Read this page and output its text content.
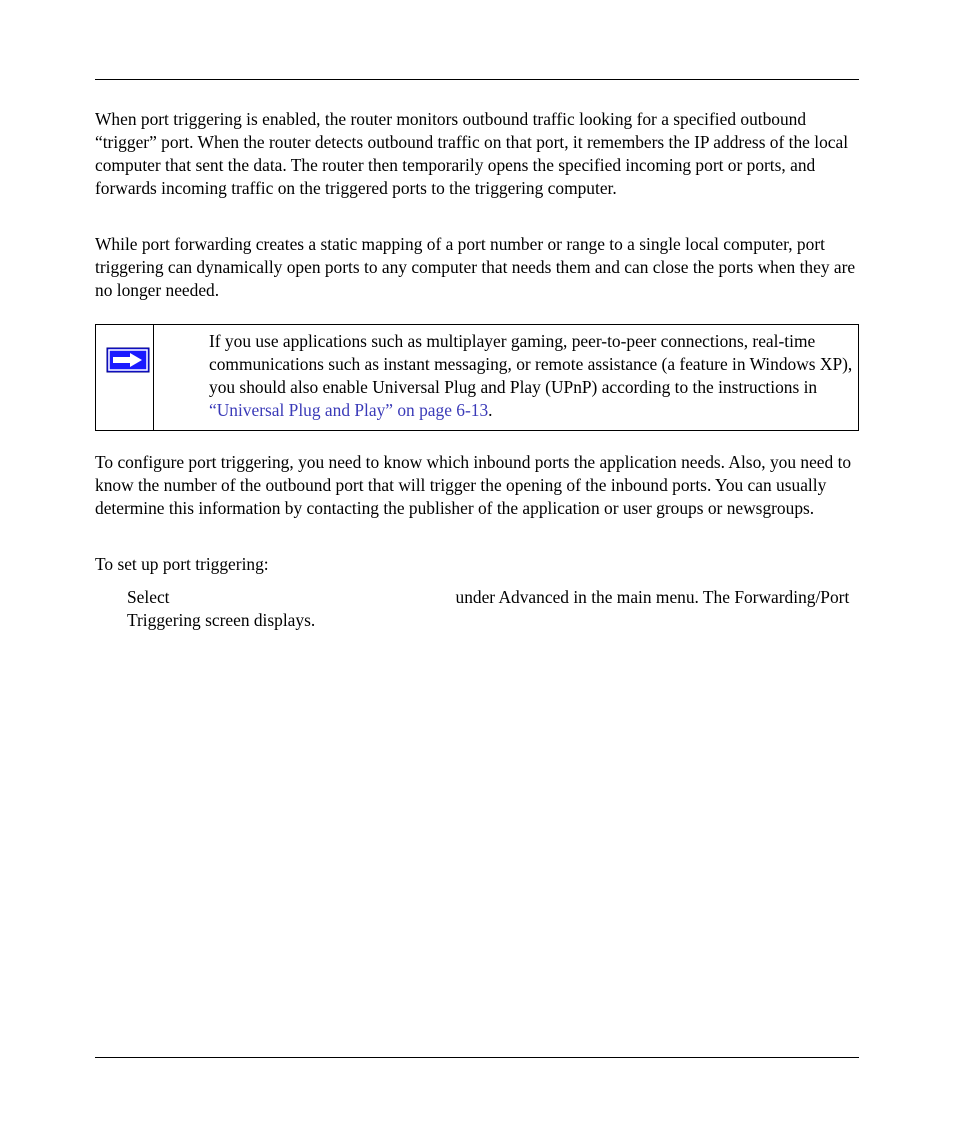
When port triggering is enabled, the router monitors outbound traffic looking for a specified outbound “trigger” port. When the router detects outbound traffic on that port, it remembers the IP address of the local computer that sent the data. The router then temporarily opens the specified incoming port or ports, and forwards incoming traffic on the triggered ports to the triggering computer.

While port forwarding creates a static mapping of a port number or range to a single local computer, port triggering can dynamically open ports to any computer that needs them and can close the ports when they are no longer needed.

If you use applications such as multiplayer gaming, peer-to-peer connections, real-time communications such as instant messaging, or remote assistance (a feature in Windows XP), you should also enable Universal Plug and Play (UPnP) according to the instructions in “Universal Plug and Play” on page 6-13.

To configure port triggering, you need to know which inbound ports the application needs. Also, you need to know the number of the outbound port that will trigger the opening of the inbound ports. You can usually determine this information by contacting the publisher of the application or user groups or newsgroups.

To set up port triggering:

Select	under Advanced in the main menu. The Forwarding/Port Triggering screen displays.
